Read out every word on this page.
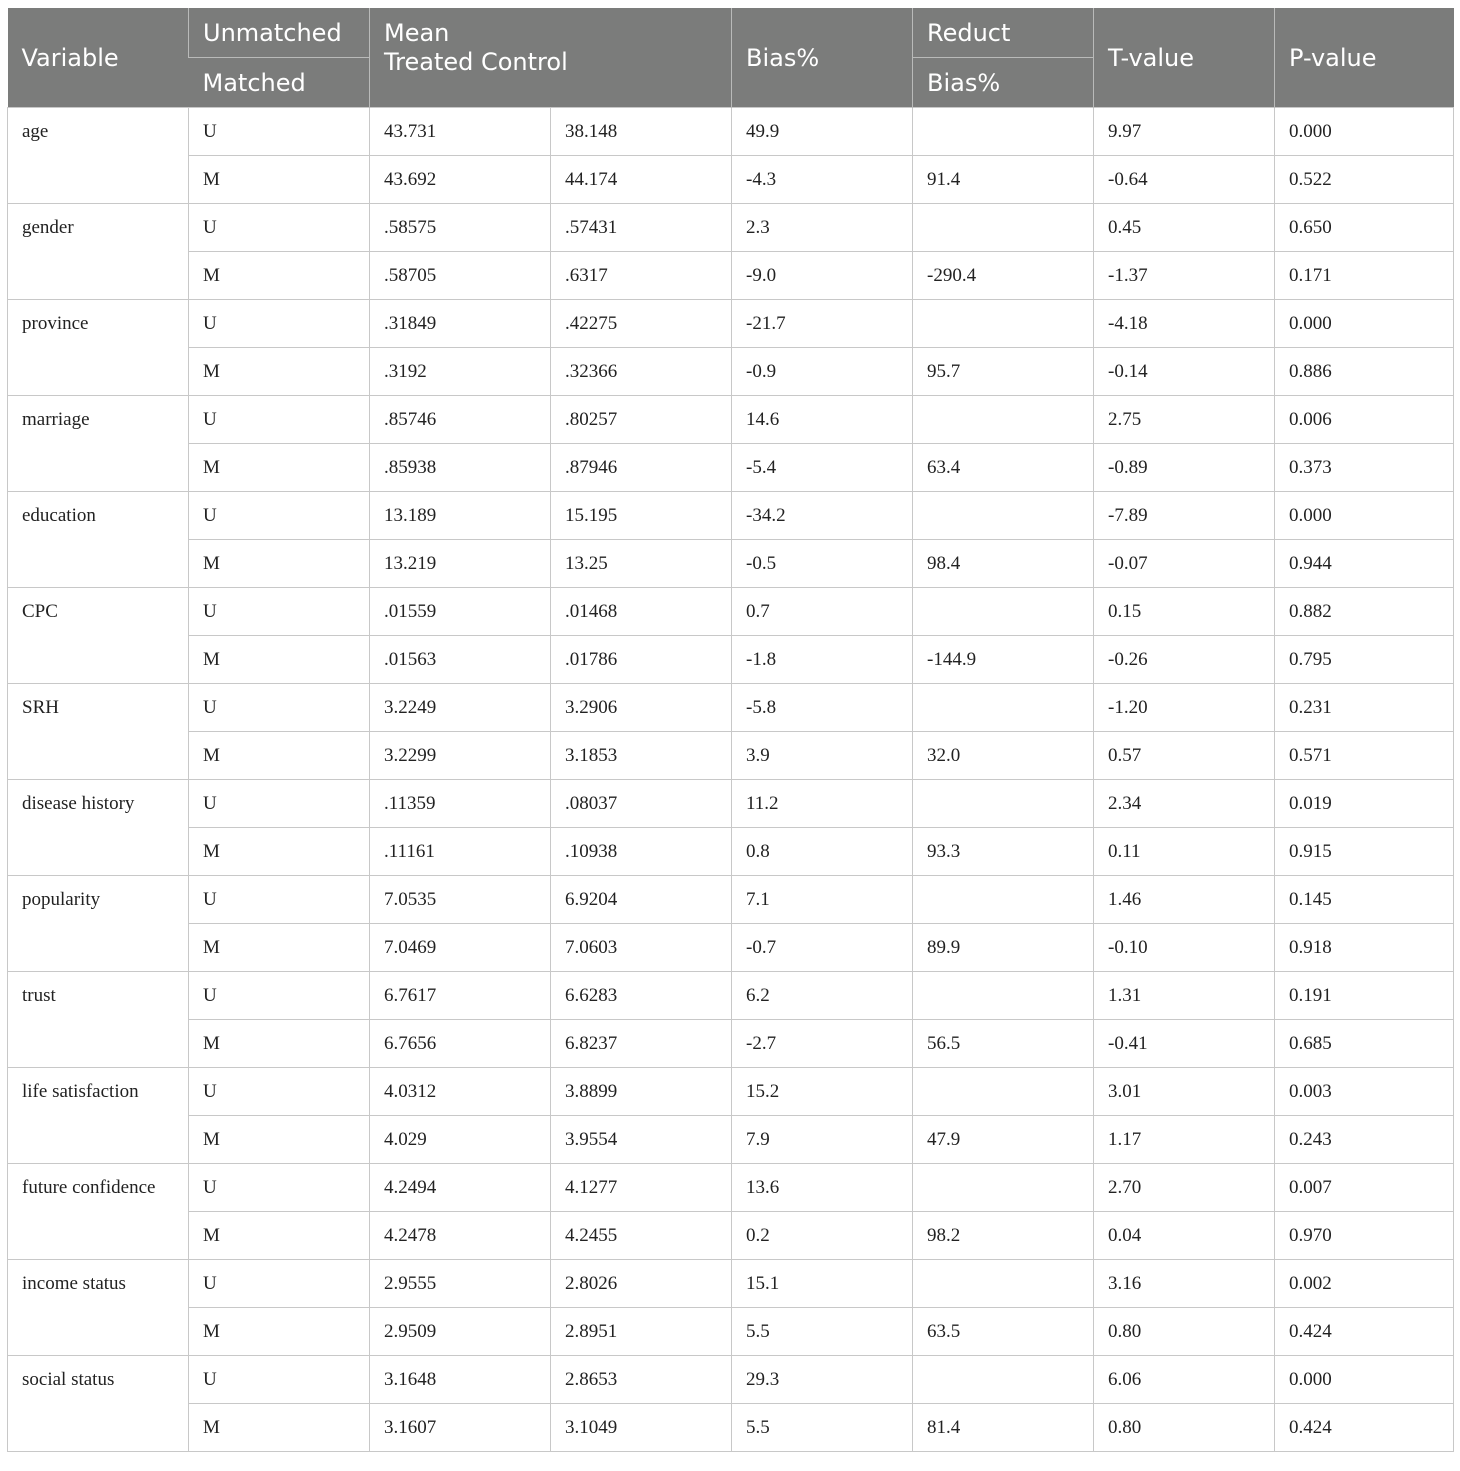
Variable	Unmatched	Mean
Treated Control		Bias%	Reduct	T-value	P-value
	Matched				Bias%		
age	U	43.731	38.148	49.9		9.97	0.000
	M	43.692	44.174	-4.3	91.4	-0.64	0.522
gender	U	.58575	.57431	2.3		0.45	0.650
	M	.58705	.6317	-9.0	-290.4	-1.37	0.171
province	U	.31849	.42275	-21.7		-4.18	0.000
	M	.3192	.32366	-0.9	95.7	-0.14	0.886
marriage	U	.85746	.80257	14.6		2.75	0.006
	M	.85938	.87946	-5.4	63.4	-0.89	0.373
education	U	13.189	15.195	-34.2		-7.89	0.000
	M	13.219	13.25	-0.5	98.4	-0.07	0.944
CPC	U	.01559	.01468	0.7		0.15	0.882
	M	.01563	.01786	-1.8	-144.9	-0.26	0.795
SRH	U	3.2249	3.2906	-5.8		-1.20	0.231
	M	3.2299	3.1853	3.9	32.0	0.57	0.571
disease history	U	.11359	.08037	11.2		2.34	0.019
	M	.11161	.10938	0.8	93.3	0.11	0.915
popularity	U	7.0535	6.9204	7.1		1.46	0.145
	M	7.0469	7.0603	-0.7	89.9	-0.10	0.918
trust	U	6.7617	6.6283	6.2		1.31	0.191
	M	6.7656	6.8237	-2.7	56.5	-0.41	0.685
life satisfaction	U	4.0312	3.8899	15.2		3.01	0.003
	M	4.029	3.9554	7.9	47.9	1.17	0.243
future confidence	U	4.2494	4.1277	13.6		2.70	0.007
	M	4.2478	4.2455	0.2	98.2	0.04	0.970
income status	U	2.9555	2.8026	15.1		3.16	0.002
	M	2.9509	2.8951	5.5	63.5	0.80	0.424
social status	U	3.1648	2.8653	29.3		6.06	0.000
	M	3.1607	3.1049	5.5	81.4	0.80	0.424
